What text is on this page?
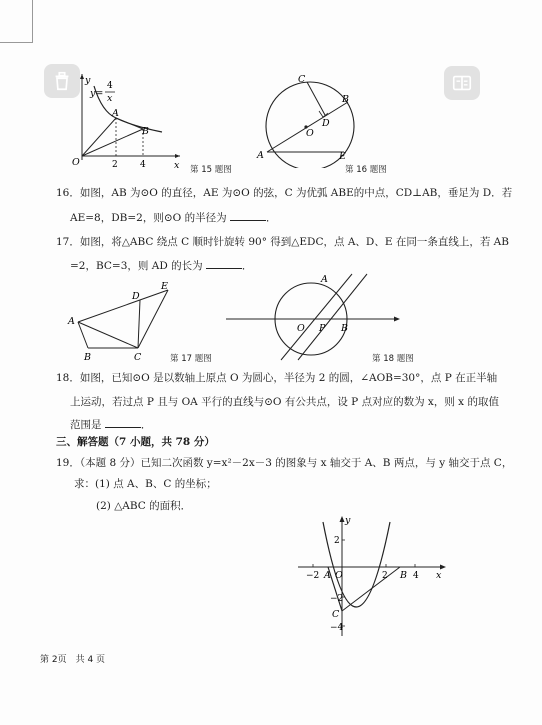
y
x
O
A
B
2 4
y=
4
x
第 15 题图
C
B
D
O
A	E
第 16 题图
16．如图，AB 为⊙O 的直径，AE 为⊙O 的弦，C 为优弧 ABE的中点，CD⊥AB，垂足为 D．若
AE=8，DB=2，则⊙O 的半径为	．
17．如图，将△ABC 绕点 C 顺时针旋转 90° 得到△EDC，点 A、D、E 在同一条直线上，若 AB
=2，BC=3，则 AD 的长为	．
A
B	C
D
E
第 17 题图
A
O P B
第 18 题图
18．如图，已知⊙O 是以数轴上原点 O 为圆心，半径为 2 的圆，∠AOB=30°，点 P 在正半轴
上运动，若过点 P 且与 OA 平行的直线与⊙O 有公共点，设 P 点对应的数为 x，则 x 的取值
范围是	．
三、解答题（7 小题，共 78 分）
19．（本题 8 分）已知二次函数 y=x²－2x－3 的图象与 x 轴交于 A、B 两点，与 y 轴交于点 C，
求：(1) 点 A、B、C 的坐标；
(2) △ABC 的面积．
y
x
2
−2 A O	2 B 4
−2
C
−4
第 2页　共 4 页
